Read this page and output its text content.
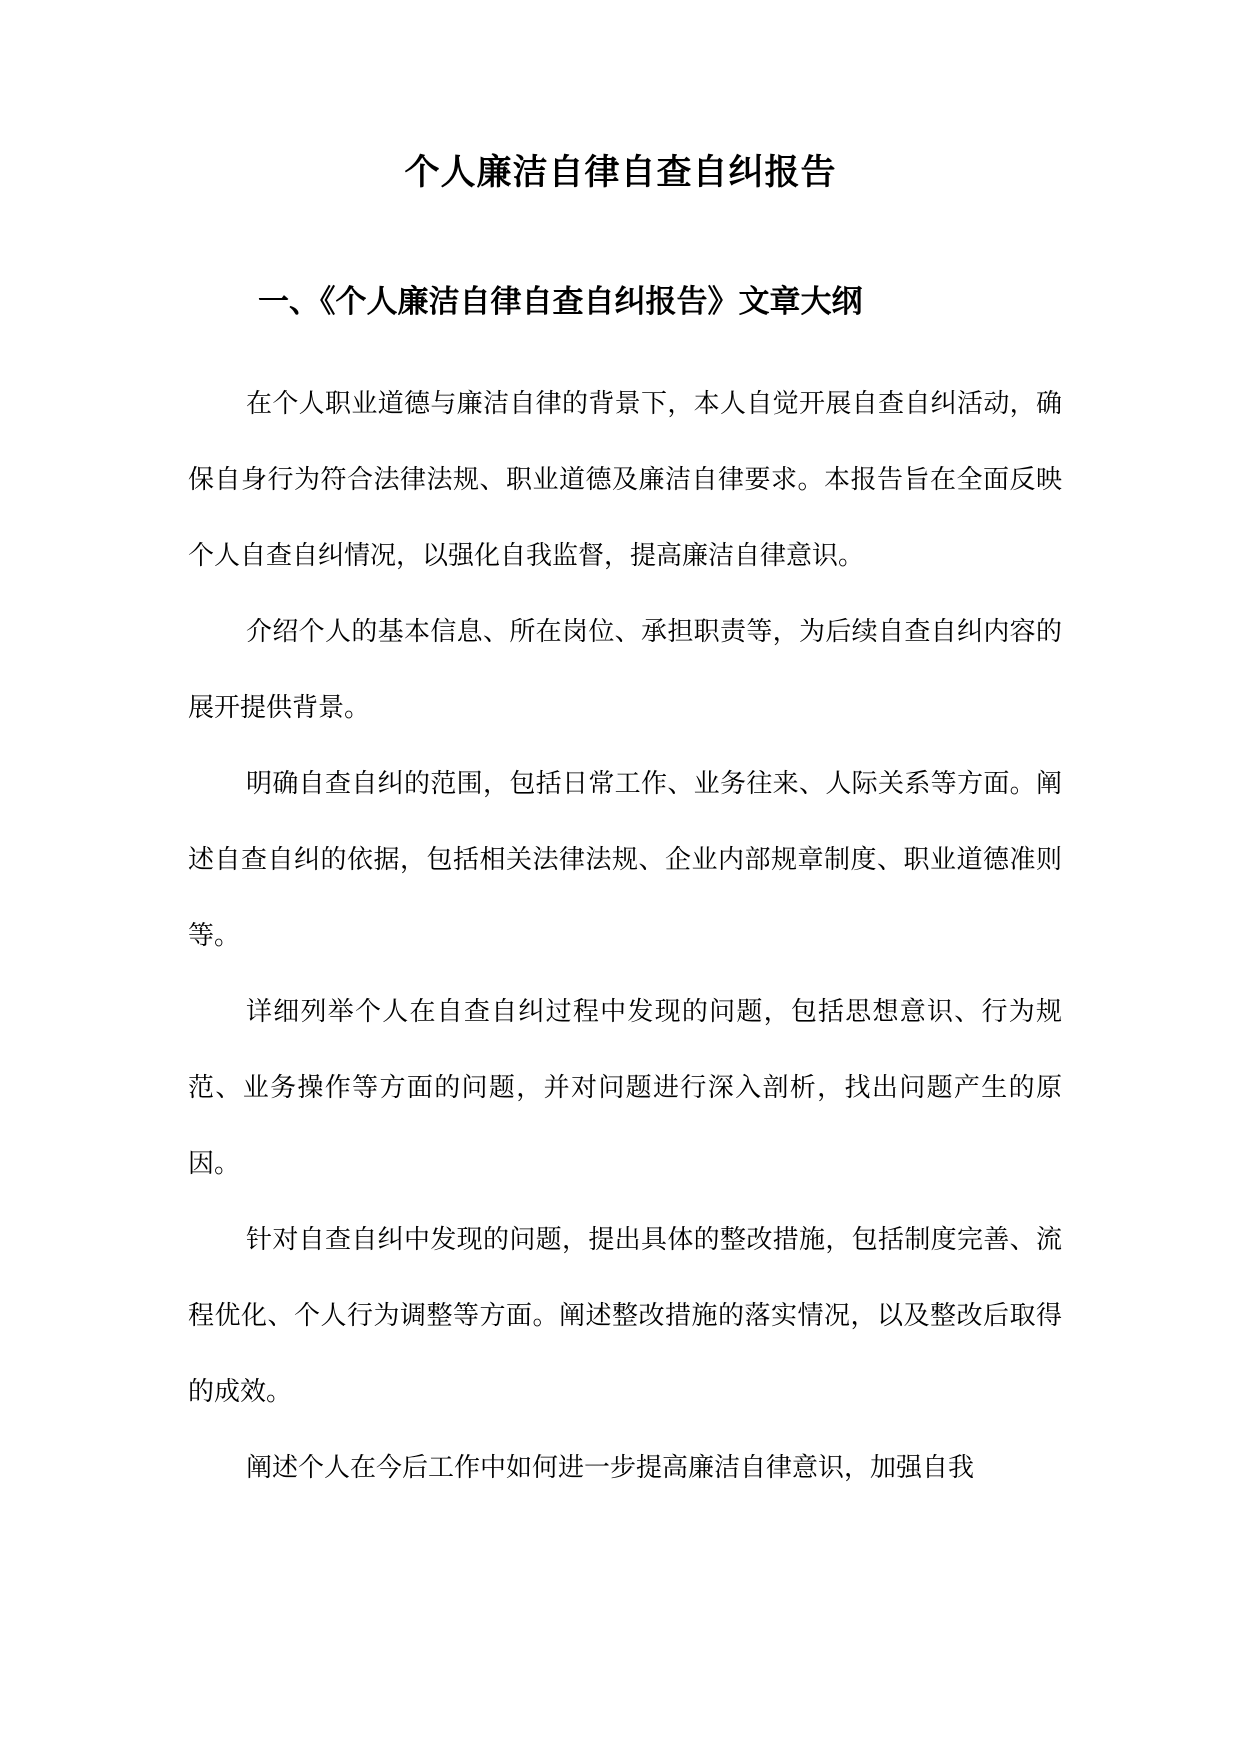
个人廉洁自律自查自纠报告
一、《个人廉洁自律自查自纠报告》文章大纲

在个人职业道德与廉洁自律的背景下，本人自觉开展自查自纠活动，确保自身行为符合法律法规、职业道德及廉洁自律要求。本报告旨在全面反映个人自查自纠情况，以强化自我监督，提高廉洁自律意识。

介绍个人的基本信息、所在岗位、承担职责等，为后续自查自纠内容的展开提供背景。

明确自查自纠的范围，包括日常工作、业务往来、人际关系等方面。阐述自查自纠的依据，包括相关法律法规、企业内部规章制度、职业道德准则等。

详细列举个人在自查自纠过程中发现的问题，包括思想意识、行为规范、业务操作等方面的问题，并对问题进行深入剖析，找出问题产生的原因。

针对自查自纠中发现的问题，提出具体的整改措施，包括制度完善、流程优化、个人行为调整等方面。阐述整改措施的落实情况，以及整改后取得的成效。

阐述个人在今后工作中如何进一步提高廉洁自律意识，加强自我
